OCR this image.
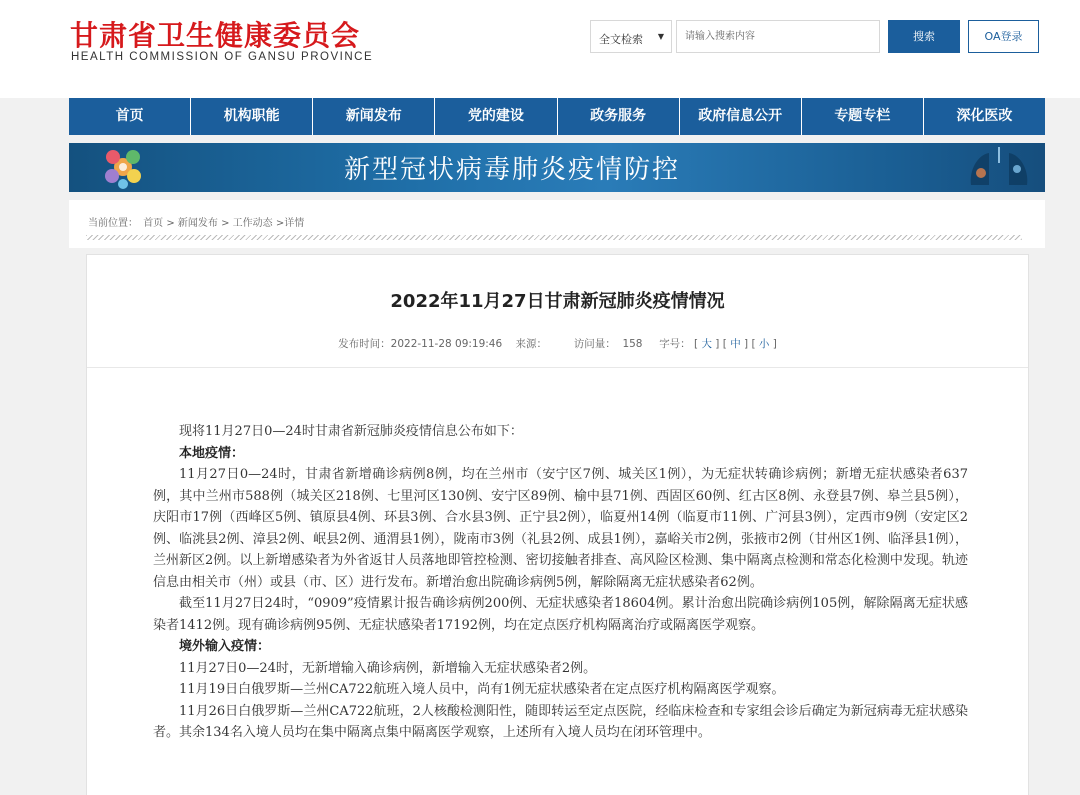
甘肃省卫生健康委员会
HEALTH COMMISSION OF GANSU PROVINCE
全文检索 ▼
请输入搜索内容	搜索	OA登录
首页	机构职能	新闻发布	党的建设	政务服务	政府信息公开	专题专栏	深化医改
新型冠状病毒肺炎疫情防控
当前位置： 首页 > 新闻发布 > 工作动态 >详情
2022年11月27日甘肃新冠肺炎疫情情况
发布时间：2022-11-28 09:19:46 来源：	访问量： 158 字号： [ 大 ] [ 中 ] [ 小 ]

现将11月27日0—24时甘肃省新冠肺炎疫情信息公布如下：

本地疫情：

11月27日0—24时，甘肃省新增确诊病例8例，均在兰州市（安宁区7例、城关区1例），为无症状转确诊病例；新增无症状感染者637例，其中兰州市588例（城关区218例、七里河区130例、安宁区89例、榆中县71例、西固区60例、红古区8例、永登县7例、皋兰县5例），庆阳市17例（西峰区5例、镇原县4例、环县3例、合水县3例、正宁县2例），临夏州14例（临夏市11例、广河县3例），定西市9例（安定区2例、临洮县2例、漳县2例、岷县2例、通渭县1例），陇南市3例（礼县2例、成县1例），嘉峪关市2例，张掖市2例（甘州区1例、临泽县1例），兰州新区2例。以上新增感染者为外省返甘人员落地即管控检测、密切接触者排查、高风险区检测、集中隔离点检测和常态化检测中发现。轨迹信息由相关市（州）或县（市、区）进行发布。新增治愈出院确诊病例5例，解除隔离无症状感染者62例。

截至11月27日24时，“0909”疫情累计报告确诊病例200例、无症状感染者18604例。累计治愈出院确诊病例105例，解除隔离无症状感染者1412例。现有确诊病例95例、无症状感染者17192例，均在定点医疗机构隔离治疗或隔离医学观察。

境外输入疫情：

11月27日0—24时，无新增输入确诊病例，新增输入无症状感染者2例。

11月19日白俄罗斯—兰州CA722航班入境人员中，尚有1例无症状感染者在定点医疗机构隔离医学观察。

11月26日白俄罗斯—兰州CA722航班，2人核酸检测阳性，随即转运至定点医院，经临床检查和专家组会诊后确定为新冠病毒无症状感染者。其余134名入境人员均在集中隔离点集中隔离医学观察，上述所有入境人员均在闭环管理中。
